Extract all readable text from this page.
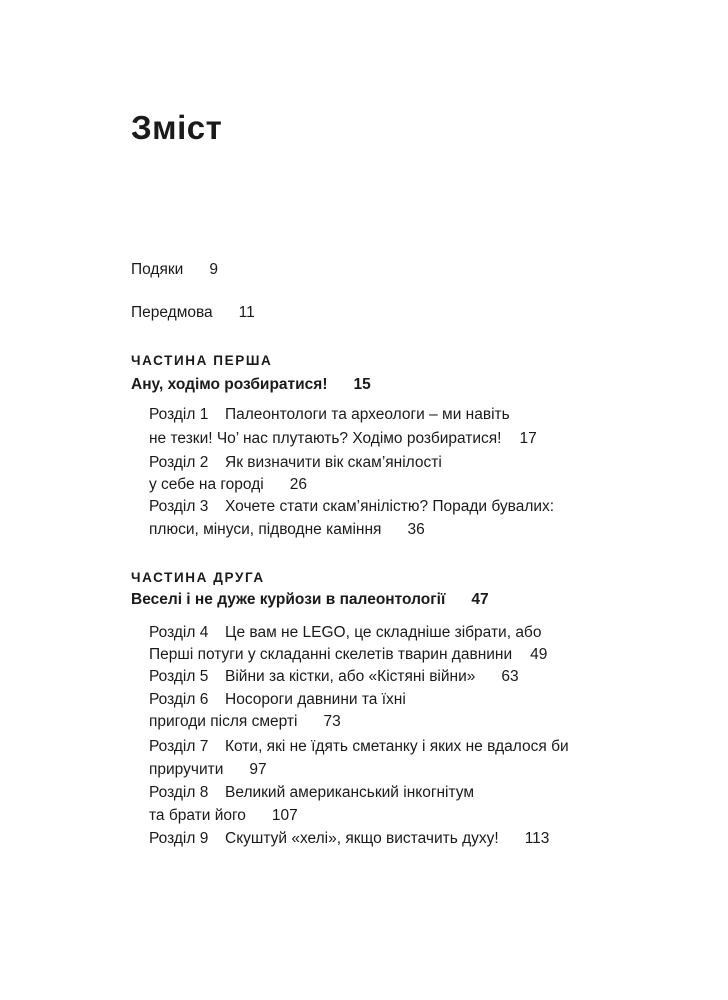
Зміст
Подяки 9
Передмова 11
ЧАСТИНА ПЕРША
Ану, ходімо розбиратися! 15
Розділ 1 Палеонтологи та археологи – ми навіть
не тезки! Чо’ нас плутають? Ходімо розбиратися! 17
Розділ 2 Як визначити вік скам’янілості
у себе на городі 26
Розділ 3 Хочете стати скам’янілістю? Поради бувалих:
плюси, мінуси, підводне каміння 36
ЧАСТИНА ДРУГА
Веселі і не дуже курйози в палеонтології 47
Розділ 4 Це вам не LEGO, це складніше зібрати, або
Перші потуги у складанні скелетів тварин давнини 49
Розділ 5 Війни за кістки, або «Кістяні війни» 63
Розділ 6 Носороги давнини та їхні
пригоди після смерті 73
Розділ 7 Коти, які не їдять сметанку і яких не вдалося би
приручити 97
Розділ 8 Великий американський інкогнітум
та брати його 107
Розділ 9 Скуштуй «хелі», якщо вистачить духу! 113
